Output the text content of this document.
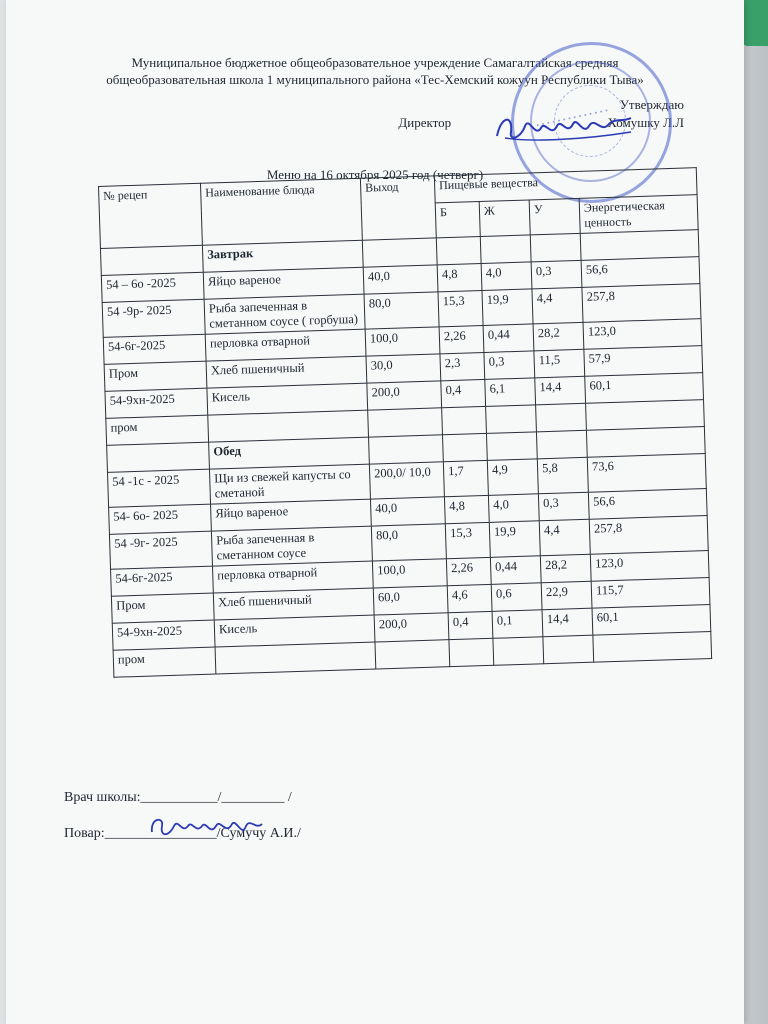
Муниципальное бюджетное общеобразовательное учреждение Самагалтайская средняя
общеобразовательная школа 1 муниципального района «Тес-Хемский кожуун Республики Тыва»
Утверждаю
Директор	Хомушку Л.Л
• • • • • • • • • • • • • •
Меню на 16 октября 2025 год (четверг)
№ рецеп	Наименование блюда	Выход	Пищевые вещества			
			Б	Ж	У	Энергетическая ценность
	Завтрак					
54 – 6о -2025	Яйцо вареное	40,0	4,8	4,0	0,3	56,6
54 -9р- 2025	Рыба запеченная в сметанном соусе ( горбуша)	80,0	15,3	19,9	4,4	257,8
54-6г-2025	перловка отварной	100,0	2,26	0,44	28,2	123,0
Пром	Хлеб пшеничный	30,0	2,3	0,3	11,5	57,9
54-9хн-2025	Кисель	200,0	0,4	6,1	14,4	60,1
пром						
	Обед					
54 -1с - 2025	Щи из свежей капусты со сметаной	200,0/ 10,0	1,7	4,9	5,8	73,6
54- 6о- 2025	Яйцо вареное	40,0	4,8	4,0	0,3	56,6
54 -9г- 2025	Рыба запеченная в сметанном соусе	80,0	15,3	19,9	4,4	257,8
54-6г-2025	перловка отварной	100,0	2,26	0,44	28,2	123,0
Пром	Хлеб пшеничный	60,0	4,6	0,6	22,9	115,7
54-9хн-2025	Кисель	200,0	0,4	0,1	14,4	60,1
пром						
Врач школы:___________/_________ /
Повар:________________/Сумучу А.И./
